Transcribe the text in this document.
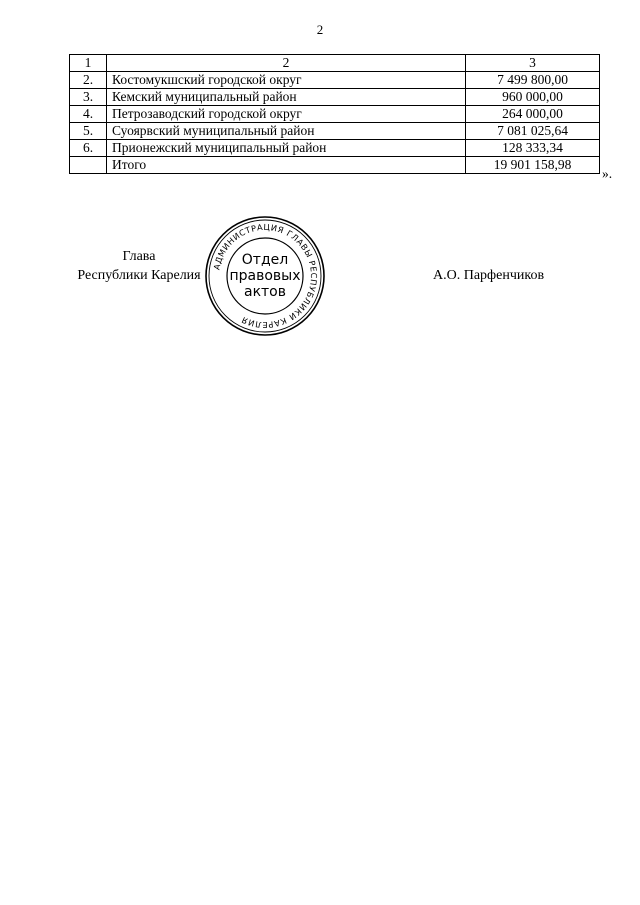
2
1	2	3
2.	Костомукшский городской округ	7 499 800,00
3.	Кемский муниципальный район	960 000,00
4.	Петрозаводский городской округ	264 000,00
5.	Суоярвский муниципальный район	7 081 025,64
6.	Прионежский муниципальный район	128 333,34
	Итого	19 901 158,98
».
Глава
Республики Карелия
АДМИНИСТРАЦИЯ ГЛАВЫ РЕСПУБЛИКИ КАРЕЛИЯ
Отдел
правовых
актов
А.О. Парфенчиков
